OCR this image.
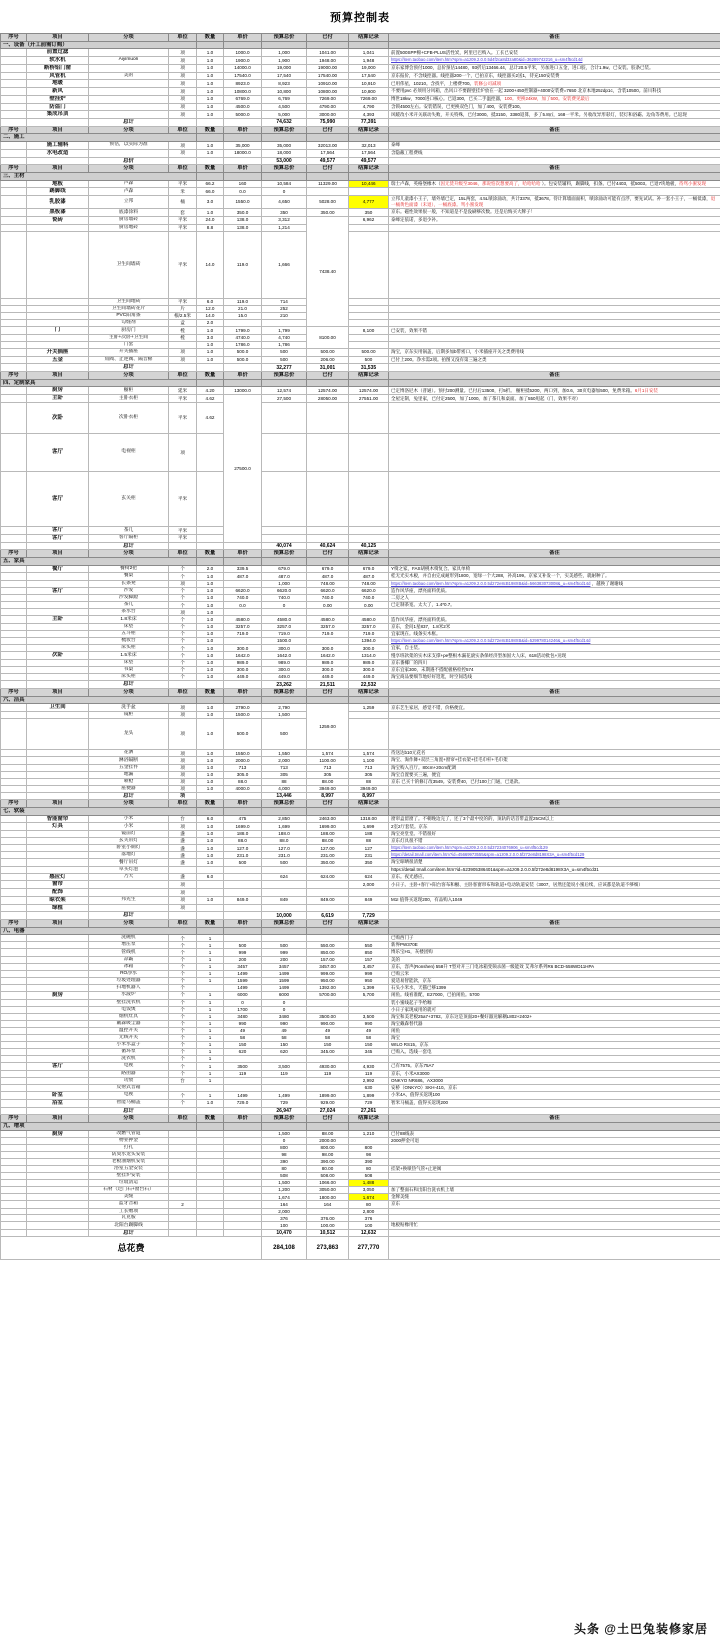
预算控制表
序号	项目	分项	单位	数量	单价	预算总价	已付	结算记录	备注	
一、设备（开工前需订购）										
	前置过滤		项	1.0	1000.0	1,000	1041.00	1,041	前置500SPP棉+CFB-PLUS活性炭，阿里巴巴购入。工长已安装	
	软水机	Aiyimuori	项	1.0	1900.0	1,900	1948.00	1,948	https://item.taobao.com/item.htm?spm=a1z09.2.0.0.5d4f2ca8d3za80&id=36289742216_u=sm4f5cd14d	
	断桥铝门窗		项	1.0	14000.0	19,000	19000.00	19,000	京东家博会预付1000，总价预估14480，93折后13466.44，总计20.5平米，另加进口五金，进口胶，合计1.9w。已安装。胶条已装。	
	风管机	美的	项	1.0	17540.0	17,540	17540.00	17,540	京东报价，不含线控器。线控器200一个，已拍京东，线控器买2送1，待充150安装费	
	地暖		项	1.0	8923.0	8,923	10910.00	10,910	已用伟星，10210。含找平，上楼费700。装修公司减项	
	新风		项	1.0	10800.0	10,800	10800.00	10,800	不要用pvc 必须用分风箱，出风口不要跟壁挂炉放在一起 3200+450控制器+4000安装费=7650 北京本地25zdp1c，含装10500。前川科技	
	壁挂炉		项	1.0	6769.0	6,769	7269.00	7269.00	博世18kw，7000进口核心。已返300，已买二手温控器，100。更换24kW，加了500。安装费见最后	
	防盗门		项	1.0	4500.0	4,500	4790.00	4,790	含锁4500左右。安装错误，已更换双色门，加了400，安装费100。	
	集成吊顶		项	1.0	5000.0	5,000	3000.00	4,393	风暖改小米开关联动失败，开关特殊，已付3000。抵3150、3380返算，多了5.8㎡，168一平米。另收改异形彩灯，装灯和浴霸、边角等费用。已返现	
		总计				74,632	75,990	77,391		
序号	项目	分项	单位	数量	单价	预算总价	已付	结算记录	备注	
二、施工										
	施工辅料	预估，以实际为准	项	1.0	35,000	35,000	32013.00	32,013	泰峰	
	水电改造		项	1.0	18000.0	18,000	17,564	17,564	含隐蔽工程费线	
		总价				53,000	49,577	49,577		
序号	项目	分项	单位	数量	单价	预算总价	已付	结算记录	备注	
三、主材										
	地板	卢森	平米	66.2	160	10,584	11329.00	10,446	瑞士卢森，英格堡橡木（因无货升级至3046，那说怕次想要高了，哈哈哈哈 ）。包安装辅料，踢脚线，扣条。已付4403，抵5003。已退7块地板，待骂小蜜发现	
	踢脚线	卢森	米	66.0	0.0	0				
	乳胶漆	立邦	桶	3.0	1550.0	4,650	5028.00	4,777	立邦儿童漆小王子，墙外墙已定，15L两套，4.5L喷涂涌动，共计3378，抵3678。待计算墙面面积，喷涂涌动可能有点浮，要先试试。补一套小王子，一桶低漆，退一桶黄色面漆（未退），一桶底漆。骂小蜜发现	
	黑板漆	底漆涂料	套	1.0	350.0	350	350.00	350	京东。磁性效果很一般，不知道是不是没刷够次数。还是后悔买大牌子！	
	瓷砖	厨房墙砖	平米	24.0	138.0	3,312	7438.40	6,962	泰峰定依诺，多退少补。	
		厨房地砖	平米	8.8	138.0	1,214				
		卫生间墙砖	平米	14.0	119.0	1,666			
		卫生间地砖	平米	6.0	119.0	714				
		卫生间墙砖花片	片	12.0	21.0	252				
		PVC阳角条	根/2.5米	14.0	15.0	210				
		勾缝剂	盒	2.0						
	门	厨房门	樘	1.0	1799.0	1,799	8100.00	8,100	已安装，效果不错	
		主卧+次卧+卫生间	樘	3.0	4740.0	4,740				
		门套		1.0	1786.0	1,786				
	开关插座	开关插座	项	1.0	500.0	500	500.00	500.00	淘宝，京东实用锅盖，后期多加b带密口，小米插座开关之类费用线	
	五金	角阀、止逆阀、隔音棉	项	1.0	500.0	500	206.00	500	已付上200。净水需2项。拍图又没有第三遍之类	
		总计				32,277	31,001	31,535		
序号	项目	分项	单位	数量	单价	预算总价	已付	结算记录	备注	
四、定制家具										
	厨房	橱柜	延米	4.20	13000.0	12,574	12574.00	12574.00	已定博洛尼木（普通）。预付200测量。已付后13500，打5折。 橱柜抵5200，两口到，加0.6，30页电器加500，免费米箱。6月1日安装	
	主卧	主卧衣柜	平米	4.62	27500.0	27,500	28050.00	27551.00	全屋定制，兔里家，已付定2500，加了1000。加了茶几和桌面。加了550甩起（门，效果不对）	
	次卧	次卧衣柜	平米	4.62					
	客厅	电视柜	项						
	客厅	玄关柜	平米						
	客厅	茶几	平米							
	客厅	客厅隔柜	平米							
		总计				40,074	40,624	40,125		
序号	项目	分项	单位	数量	单价	预算总价	已付	结算记录	备注	
五、家具										
	餐厅	餐椅2把	个	2.0	339.5	679.0	679.0	679.0	Y椅之家，FAS胡桃木椅复合。家具单椅	
		餐桌	个	1.0	487.0	487.0	487.0	487.0	桂无光实木板，并自由完成耐形到1800，宽绿一个大288，补高199。京家又补发一个，实美感些，就耐种了。	
		长条凳	项	1.0		1,000	748.00	748.00	https://item.taobao.com/item.htm?spm=a1z09.2.0.0.5d272e8cB198XB&id=566383073008&_u=sm4f5cd14d ，越换了谢谢线	
	客厅	沙发	个	1.0	6620.0	6620.0	6620.0	6620.0	造作风华座，漂亮面料优质。	
		沙发脚蹬	个	1.0	740.0	740.0	740.0	740.0	二房之人	
		茶几	个	1.0	0.0	0	0.00	0.00	已定制茶宽。太大了，1.4*0.7。	
		茶水台	项	1.0						
	主卧	1.8米床	个	1.0	4580.0	4580.0	4580.0	4580.0	造作风华座，漂亮面料优质。	
		床垫	个	1.0	3257.0	3257.0	3257.0	3257.0	京东，金问1星837，1.8米2米	
		五斗柜	个	1.0	719.0	719.0	719.0	719.0	宜家现在。线条实木框。	
		梳妆台	个	1.0		1500.0		1394.0	https://item.taobao.com/item.htm?spm=a1z09.2.0.0.5d272e8cB198XB&id=529978014246&_u=sm4f5cd14d	
		床头柜	个	1.0	300.0	300.0	300.0	300.0	宜家，自主装。	
	次卧	1.5米床	个	1.0	1642.0	1642.0	1642.0	1314.0	慢享班款架的实木床支撑+pe整根木漏花滚实条保经济型加固大人床，618活动批包+送现	
		床垫	个	1.0	989.0	989.0	989.0	989.0	京东番椰厂的四川	
		书桌	个	1.0	300.0	300.0	300.0	300.0	京东宜家300，末期遇不搭配板格检控574	
		床头柜	个	1.0	449.0	449.0	449.0	449.0	淘宝商品要细节地好好逛逛，时空间选线	
		总计				23,262	21,511	22,532		
序号	项目	分项	单位	数量	单价	预算总价	已付	结算记录	备注	
六、洁具										
	卫生间	洗手盆	项	1.0	2790.0	2,790	1259.00	1,259	京东艺生家居，感觉不错，价格便宜。	
		镜柜	项	1.0	1500.0	1,500				
		龙头	项	1.0	500.0	500			
		花洒	项	1.0	1550.0	1,550	1,574	1,574	待送达b10元花名	
		淋浴隔断	项	1.0	2000.0	2,000	1100.00	1,100	淘宝、淘作舞+双层三角置+窗帘+挂衣架+挂毛巾杆+毛巾架	
		五金挂件	项	1.0	713	713	713	713	淘宝购入百厅。80cm+20cm配调	
		地漏	项	1.0	305.0	305	305	305	淘宝自置要买三遍，便宜	
		喷枪	项	1.0	88.0	88	88.00	88	京东 已买十的修订改3549。安装费40，已付100上门通，已退款。	
		座便器	项	1.0	4000.0	4,000	3949.00	3949.00		
		总计	项			13,446	8,997	8,997		
序号	项目	分项	单位	数量	单价	预算总价	已付	结算记录	备注	
七、软装										
	智能窗帘	小米	台	6.0	475	2,850	2463.00	1318.00	窗帘盒留窗了。不朝晚边完了，还了3个最中度的的，顶轨的话首带盒置25CM以上	
	灯具	小米	项	1.0	1699.0	1,699	1699.00	1,699	2室2厅套装。京东	
		镜前灯	盏	1.0	188.0	188.0	188.00	188	淘宝亮堂堂。不错很好	
		玄关吊灯	盏	1.0	88.0	88.0	88.00	88	京东灯具很不错	
		卧室小铜灯	盏	1.0	127.0	127.0	127.00	127	https://item.taobao.com/item.htm?spm=a1z09.2.0.0.5d37234076906_u=sm4f5cd129	
		落地灯	盏	1.0	231.0	231.0	231.00	231	https://detail.tmall.com/item.htm?id=45669973555&spm=a1z09.2.0.0.5f272e8d8198X3A_u=sm4f5cd129	
		餐厅吊灯	盏	1.0	500	500	350.00	350	淘宝晾晒很清楚	
		草买灯泡							https://detail.tmall.com/item.htm?id=523905386401&spm=a1z09.2.0.0.5f272e8d8198X3A_u=sm4f5cd31	
	感应灯	乃大	盏	6.0		624	624.00	624	京东。夜光感应。	
	窗帘		项					2,000	小日子。主卧+客厅+阳台客布和橱、主卧客窗帘布和轨道+电动轨道安装（3007，居然还能说小蜜后续，应该都是轨道不够细）	
	配饰		项							
	晾衣架	邦先生	项	1.0	849.0	849	849.00	849	M1I 值得买返现200，有品购入1049	
	绿植		项							
		总计				10,000	6,619	7,729		
序号	项目	分项	单位	数量	单价	预算总价	已付	结算记录	备注	
八、电器										
		洗碗机	个	1					已购西门子	
		增压泵	个	1	500	500	550.00	550	新界PW370E	
		管线机	个	1	999	999	850.00	850	博乐宝H1，灰楼团购	
		凉霸	个	1	200	200	157.00	157	美的	
		冰箱	个	1	3457	3457	3457.00	3,457	京东，容声(Ronshen) 558升 T型对开三门电冰箱变频杀菌一级能效 艾弗尔系列R6 BCD-558WD11HPA	
		RO净水	个	1	1499	1499	999.00	999	已购云米	
		垃圾处理器	个	1	1599	1599	950.00	950	爱适易智能款，京东	
		扫地机器人	个		1499	1499	1392.00	1,399	石头小米水，天猫已够1399	
	厨房	水波炉	个	1	6000	6000	5700.00	5,700	闲鱼。线看准配，E27000，已拍闲鱼。5700	
		壁挂洗衣机	个	1	0	0			装小蜜线起子乎给咖	
		电饭煲	个	1	1700	0			小日子家现成用的就可	
		烟机灶具	个	1	3480	3480	3500.00	3,500	淘宝和美老板25a7+3782。京东这是顶面20+餐好器送解耦L802+2402+	
		戴森吸尘器	个	1	990	990	990.00	990	淘宝戴森替代器	
		温控开关	个	1	49	49	49	49	闲鱼	
		无线开关	个	1	58	58	58	58	淘宝	
		小米水盒子	个	1	150	150	150	150	WILO RS15。京东	
		循环泵	个	1	620	620	345.00	345	已购入。选线一套电	
		洗衣机	个	1						
	客厅	电视	个	1	3500	3,500	4930.00	4,930	己有7575。京东75A7	
		路由器	个	1	119	119	119	119	京东，小米AX3000	
		功放	台	1				2,992	ONKYO NR686。AX3000	
		反射式音箱						630	安桥（ONKYO）SKH-410。京东	
	卧室	电视	个	1	1499	1,499	1899.00	1,899	小米4A，值得买返现100	
	浴室	智能马桶盖	个	1.0	729.0	729	929.00	729	智米马桶盖，值得买返现200	
		总计				26,947	27,024	27,261		
序号	项目	分项	单位	数量	单价	预算总价	已付	结算记录	备注	
九、增项										
	厨房	改燃气管道				1,500	88.00	1,210	已付88线表	
		物业押金				0	2000.00		2000押金可退	
		打孔				800	800.00	800		
		防臭水龙头安装				98	98.00	98		
		老板油烟机安装				390	390.00	390		
		浴室五金安装				80	80.00	80	挂架+换喷热气管+止逆阀	
		壁挂炉安装				508	508.00	508		
		垃圾清运				1,500	1066.00	1,488		
		石材（过门石+窗台石）				1,200	3050.00	3,050	加了整面石和出阳台洗衣机上墙	
		美缝				1,674	1800.00	1,674	金牌美缝	
		蓝牙音箱	2			164	164	80	京东	
		工长赠项				2,000		2,800		
		瓦克胺				376	376.00	376		
		北阳台踢脚线				100	100.00	100	地板贴橡用忙	
		总计				10,470	10,512	12,632		
总花费						284,108	273,863	277,770		
头条 @土巴兔装修家居
